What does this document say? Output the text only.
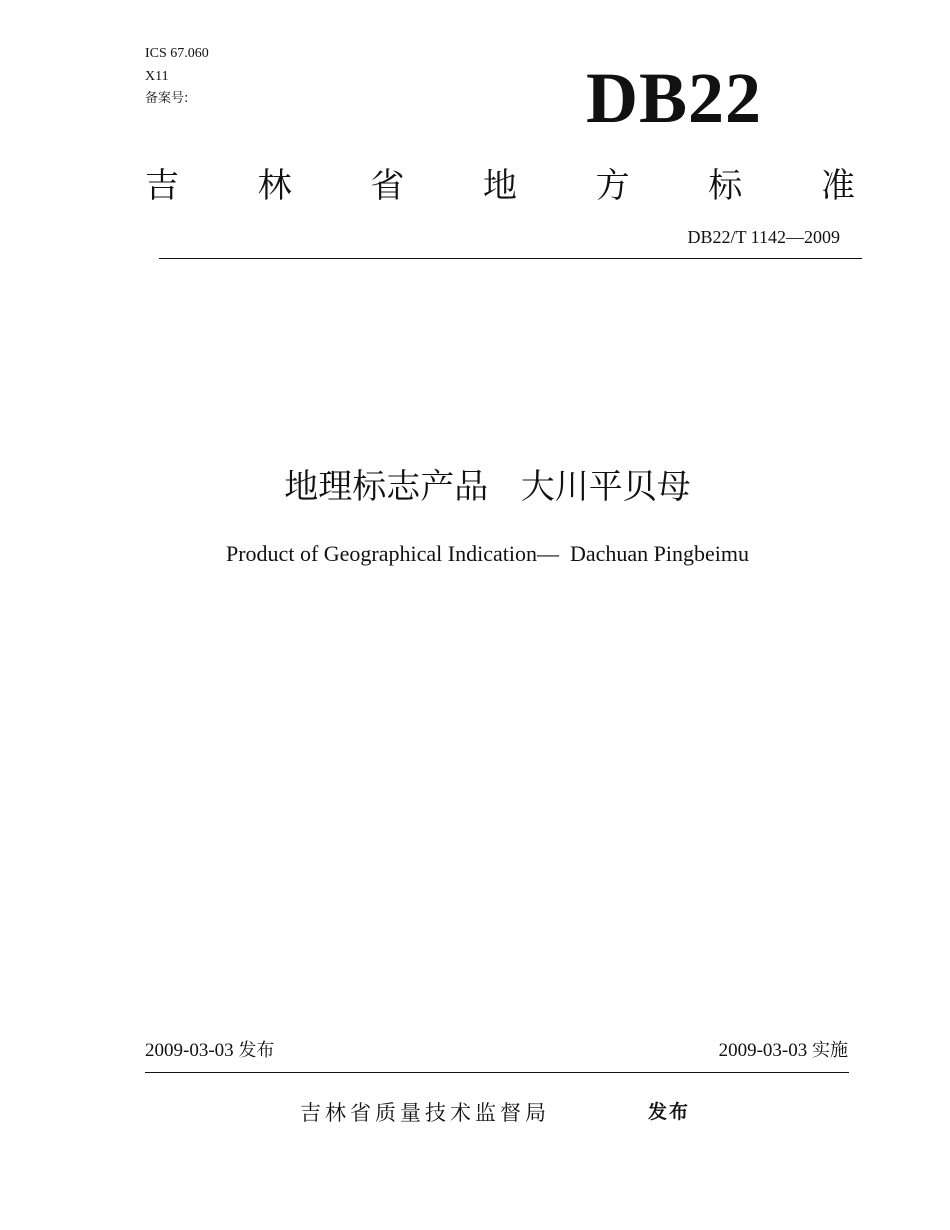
ICS 67.060
X11
备案号:	DB22
吉 林 省 地 方 标 准
DB22/T 1142—2009
地理标志产品   大川平贝母
Product of Geographical Indication—  Dachuan Pingbeimu
2009-03-03 发布	2009-03-03 实施
吉林省质量技术监督局	发布
